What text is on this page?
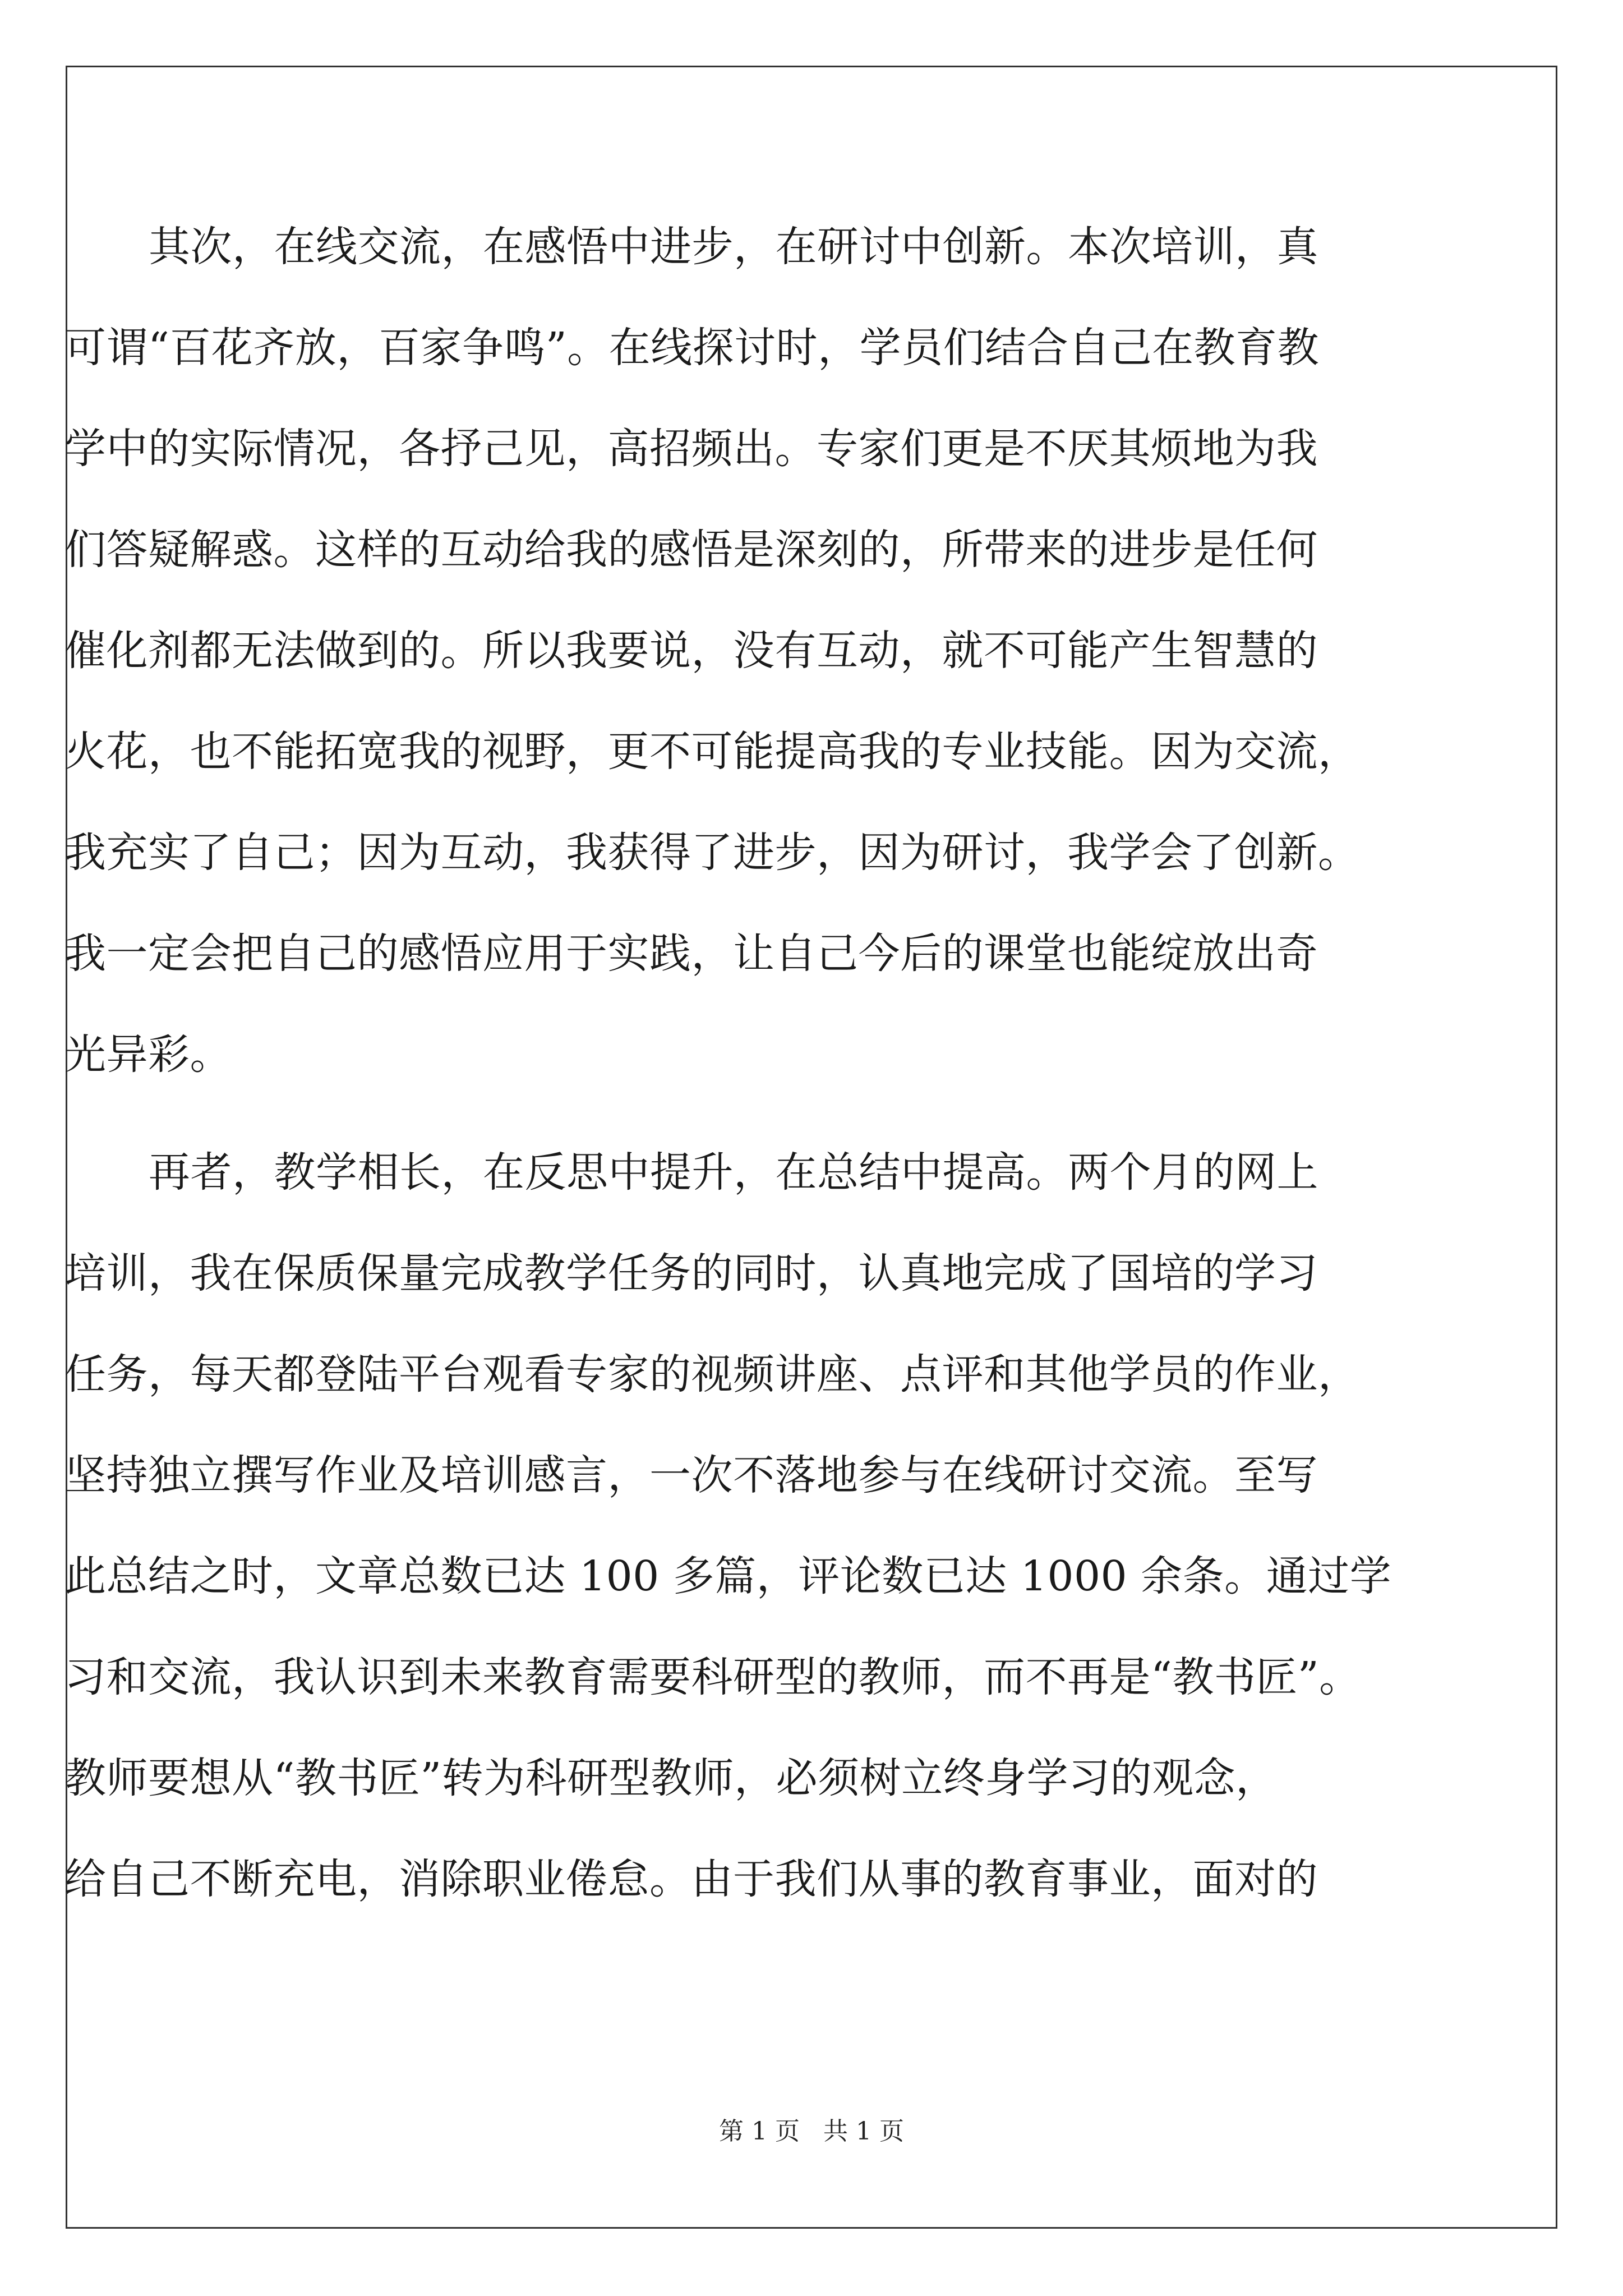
其次，在线交流，在感悟中进步，在研讨中创新。本次培训，真
可谓“百花齐放，百家争鸣”。在线探讨时，学员们结合自己在教育教
学中的实际情况，各抒己见，高招频出。专家们更是不厌其烦地为我
们答疑解惑。这样的互动给我的感悟是深刻的，所带来的进步是任何
催化剂都无法做到的。所以我要说，没有互动，就不可能产生智慧的
火花，也不能拓宽我的视野，更不可能提高我的专业技能。因为交流，
我充实了自己；因为互动，我获得了进步，因为研讨，我学会了创新。
我一定会把自己的感悟应用于实践，让自己今后的课堂也能绽放出奇
光异彩。
再者，教学相长，在反思中提升，在总结中提高。两个月的网上
培训，我在保质保量完成教学任务的同时，认真地完成了国培的学习
任务，每天都登陆平台观看专家的视频讲座、点评和其他学员的作业，
坚持独立撰写作业及培训感言，一次不落地参与在线研讨交流。至写
此总结之时，文章总数已达 100 多篇，评论数已达 1000 余条。通过学
习和交流，我认识到未来教育需要科研型的教师，而不再是“教书匠”。
教师要想从“教书匠”转为科研型教师，必须树立终身学习的观念，
给自己不断充电，消除职业倦怠。由于我们从事的教育事业，面对的
第 1 页   共 1 页
